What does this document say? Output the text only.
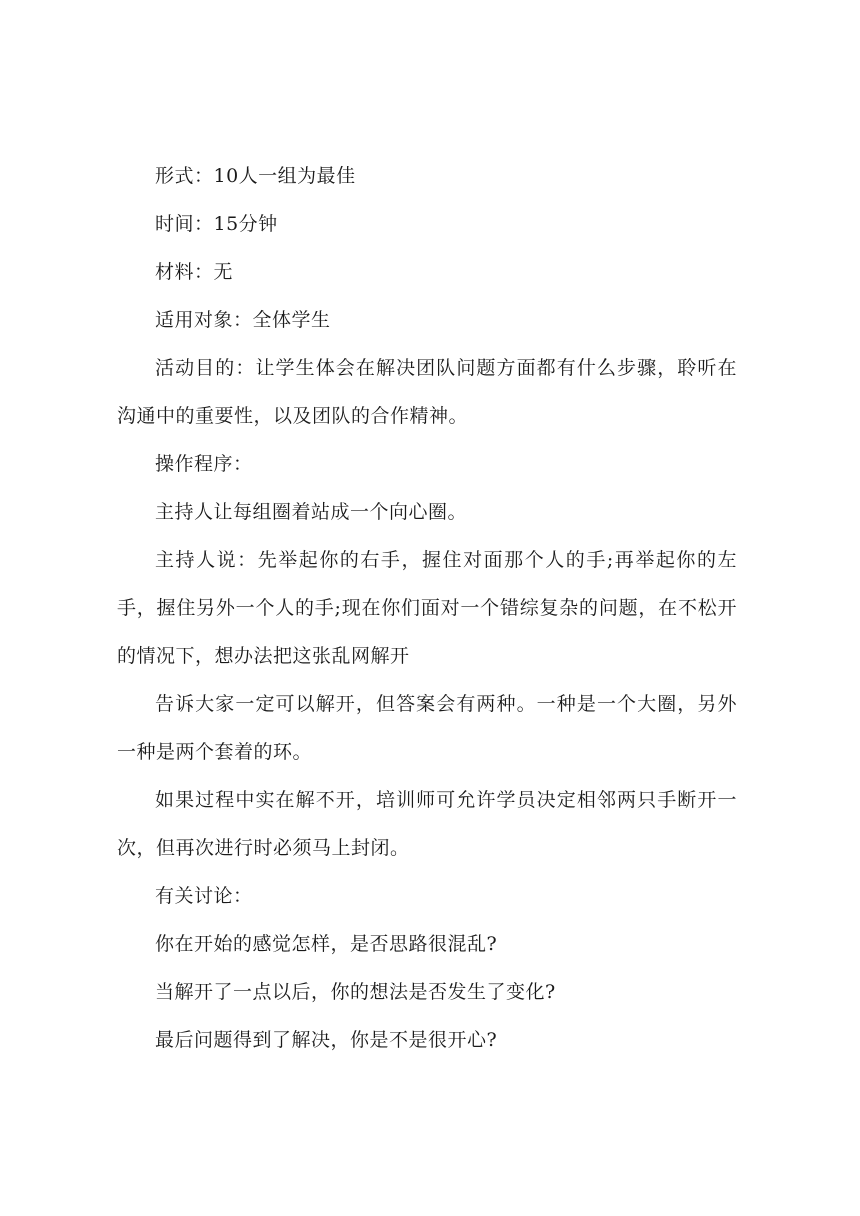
形式：10人一组为最佳

时间：15分钟

材料：无

适用对象：全体学生

活动目的：让学生体会在解决团队问题方面都有什么步骤，聆听在沟通中的重要性，以及团队的合作精神。

操作程序：

主持人让每组圈着站成一个向心圈。

主持人说：先举起你的右手，握住对面那个人的手;再举起你的左手，握住另外一个人的手;现在你们面对一个错综复杂的问题，在不松开的情况下，想办法把这张乱网解开

告诉大家一定可以解开，但答案会有两种。一种是一个大圈，另外一种是两个套着的环。

如果过程中实在解不开，培训师可允许学员决定相邻两只手断开一次，但再次进行时必须马上封闭。

有关讨论：

你在开始的感觉怎样，是否思路很混乱?

当解开了一点以后，你的想法是否发生了变化?

最后问题得到了解决，你是不是很开心?
